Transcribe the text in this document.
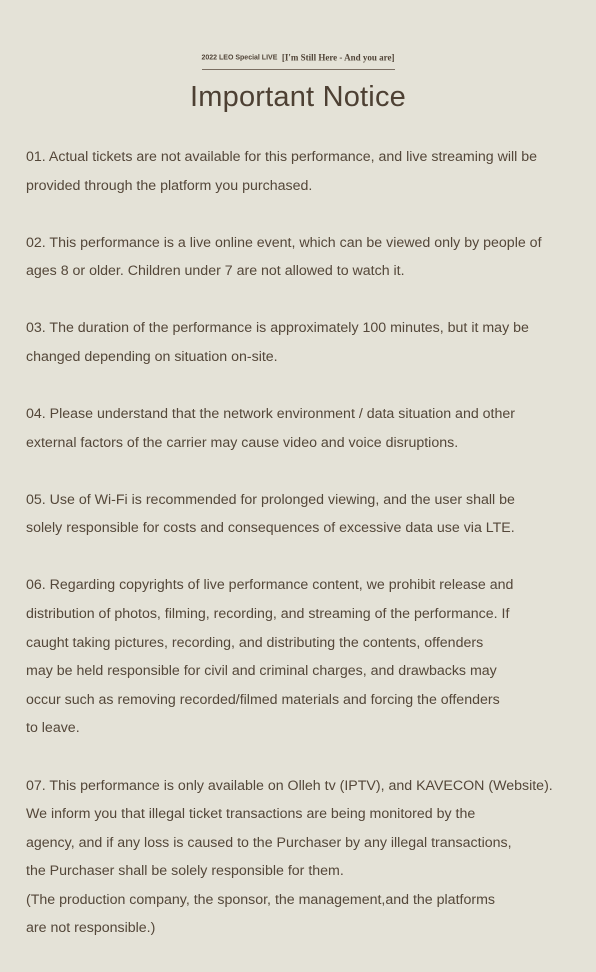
2022 LEO Special LIVE [I'm Still Here - And you are]
Important Notice
01. Actual tickets are not available for this performance, and live streaming will be
provided through the platform you purchased.
02. This performance is a live online event, which can be viewed only by people of
ages 8 or older. Children under 7 are not allowed to watch it.
03. The duration of the performance is approximately 100 minutes, but it may be
changed depending on situation on-site.
04. Please understand that the network environment / data situation and other
external factors of the carrier may cause video and voice disruptions.
05. Use of Wi-Fi is recommended for prolonged viewing, and the user shall be
solely responsible for costs and consequences of excessive data use via LTE.
06. Regarding copyrights of live performance content, we prohibit release and
distribution of photos, filming, recording, and streaming of the performance. If
caught taking pictures, recording, and distributing the contents, offenders
may be held responsible for civil and criminal charges, and drawbacks may
occur such as removing recorded/filmed materials and forcing the offenders
to leave.
07. This performance is only available on Olleh tv (IPTV), and KAVECON (Website).
We inform you that illegal ticket transactions are being monitored by the
agency, and if any loss is caused to the Purchaser by any illegal transactions,
the Purchaser shall be solely responsible for them.
(The production company, the sponsor, the management,and the platforms
are not responsible.)
